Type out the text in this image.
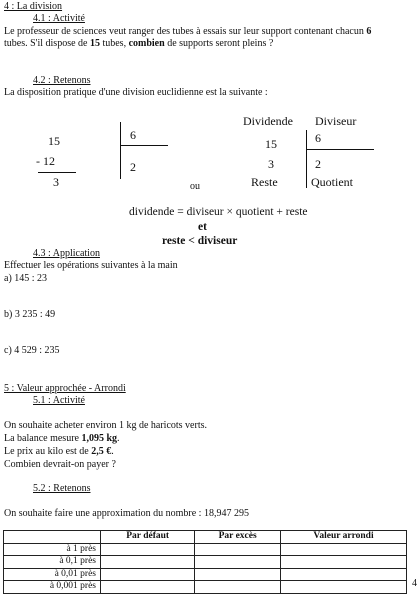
4 : La division
4.1 : Activité
Le professeur de sciences veut ranger des tubes à essais sur leur support contenant chacun 6
tubes. S'il dispose de 15 tubes, combien de supports seront pleins ?
4.2 : Retenons
La disposition pratique d'une division euclidienne est la suivante :
15	6
- 12	2
3	ou
Dividende Diviseur
15	6
3	2
Reste	Quotient
dividende = diviseur × quotient + reste
et
reste < diviseur
4.3 : Application
Effectuer les opérations suivantes à la main
a) 145 : 23
b) 3 235 : 49
c) 4 529 : 235
5 : Valeur approchée - Arrondi
5.1 : Activité
On souhaite acheter environ 1 kg de haricots verts.
La balance mesure 1,095 kg.
Le prix au kilo est de 2,5 €.
Combien devrait-on payer ?
5.2 : Retenons
On souhaite faire une approximation du nombre : 18,947 295
	Par défaut	Par excès	Valeur arrondi
à 1 près			
à 0,1 près			
à 0,01 près			
à 0,001 près				4
